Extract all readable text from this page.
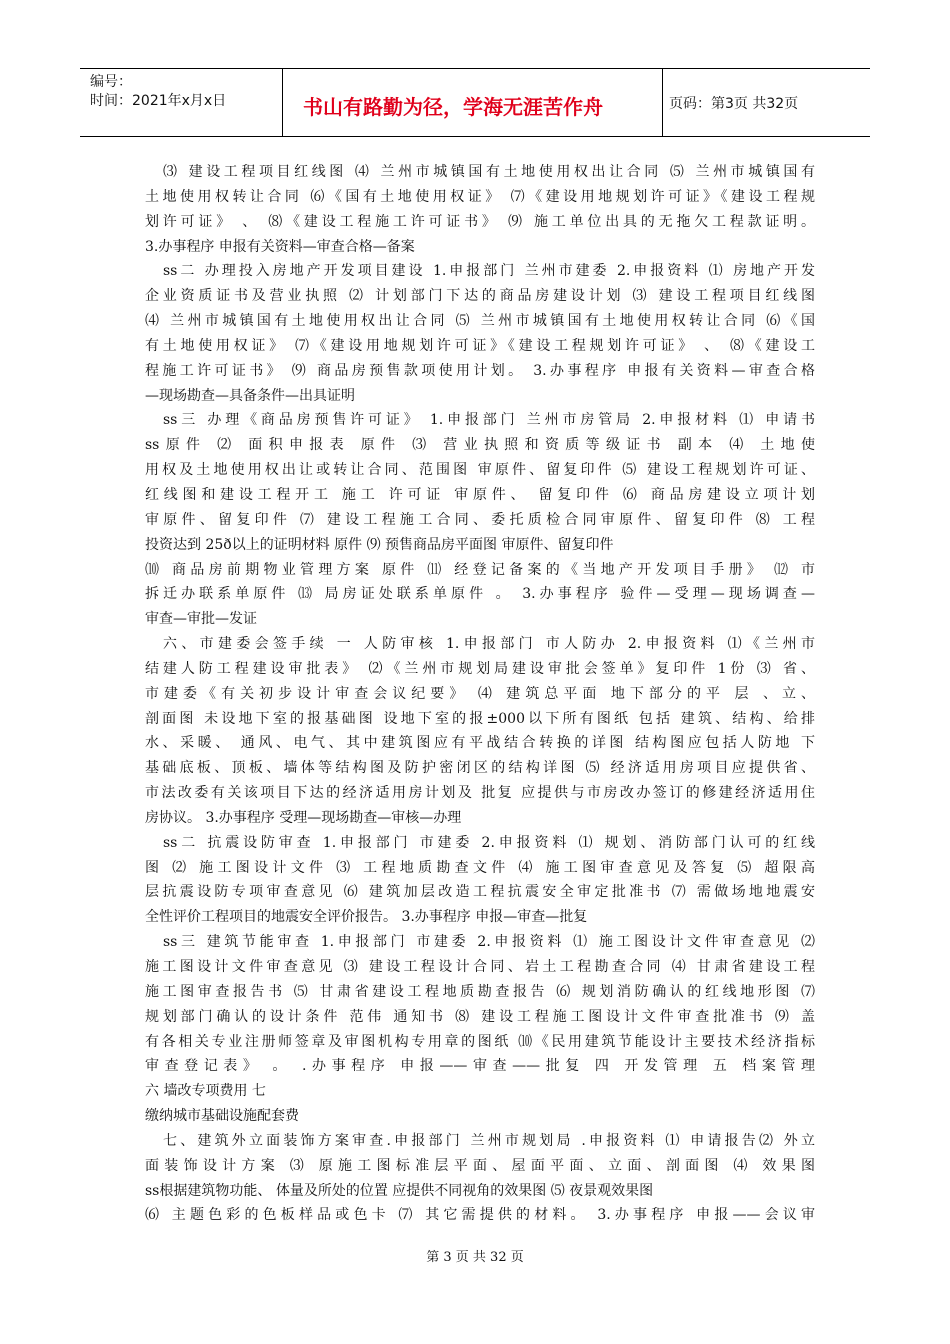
编号：
时间：2021年x月x日	书山有路勤为径，学海无涯苦作舟	页码：第3页 共32页
⑶ 建设工程项目红线图 ⑷ 兰州市城镇国有土地使用权出让合同 ⑸ 兰州市城镇国有
土地使用权转让合同 ⑹《国有土地使用权证》 ⑺《建设用地规划许可证》《建设工程规
划许可证》 、 ⑻《建设工程施工许可证书》 ⑼ 施工单位出具的无拖欠工程款证明。
3.办事程序 申报有关资料—审查合格—备案
ss二 办理投入房地产开发项目建设 1.申报部门 兰州市建委 2.申报资料 ⑴ 房地产开发
企业资质证书及营业执照 ⑵ 计划部门下达的商品房建设计划 ⑶ 建设工程项目红线图
⑷ 兰州市城镇国有土地使用权出让合同 ⑸ 兰州市城镇国有土地使用权转让合同 ⑹《国
有土地使用权证》 ⑺《建设用地规划许可证》《建设工程规划许可证》 、 ⑻《建设工
程施工许可证书》 ⑼ 商品房预售款项使用计划。 3.办事程序 申报有关资料—审查合格
—现场勘查—具备条件—出具证明
ss三 办理《商品房预售许可证》 1.申报部门 兰州市房管局 2.申报材料 ⑴ 申请书
ss原件 ⑵ 面积申报表 原件 ⑶ 营业执照和资质等级证书 副本 ⑷ 土地使
用权及土地使用权出让或转让合同、范围图 审原件、留复印件 ⑸ 建设工程规划许可证、
红线图和建设工程开工 施工 许可证 审原件、 留复印件 ⑹ 商品房建设立项计划
审原件、留复印件 ⑺ 建设工程施工合同、委托质检合同审原件、留复印件 ⑻ 工程
投资达到 25ð以上的证明材料 原件 ⑼ 预售商品房平面图 审原件、留复印件
⑽ 商品房前期物业管理方案 原件 ⑾ 经登记备案的《当地产开发项目手册》 ⑿ 市
拆迁办联系单原件 ⒀ 局房证处联系单原件 。 3.办事程序 验件—受理—现场调查—
审查—审批—发证
六、市建委会签手续 一 人防审核 1.申报部门 市人防办 2.申报资料 ⑴《兰州市
结建人防工程建设审批表》 ⑵《兰州市规划局建设审批会签单》复印件 1份 ⑶ 省、
市建委《有关初步设计审查会议纪要》 ⑷ 建筑总平面 地下部分的平 层 、立、
剖面图 未设地下室的报基础图 设地下室的报±000以下所有图纸 包括 建筑、结构、给排
水、采暖、 通风、电气、其中建筑图应有平战结合转换的详图 结构图应包括人防地 下
基础底板、顶板、墙体等结构图及防护密闭区的结构详图 ⑸ 经济适用房项目应提供省、
市法改委有关该项目下达的经济适用房计划及 批复 应提供与市房改办签订的修建经济适用住
房协议。 3.办事程序 受理—现场勘查—审核—办理
ss二 抗震设防审查 1.申报部门 市建委 2.申报资料 ⑴ 规划、消防部门认可的红线
图 ⑵ 施工图设计文件 ⑶ 工程地质勘查文件 ⑷ 施工图审查意见及答复 ⑸ 超限高
层抗震设防专项审查意见 ⑹ 建筑加层改造工程抗震安全审定批准书 ⑺ 需做场地地震安
全性评价工程项目的地震安全评价报告。 3.办事程序 申报—审查—批复
ss三 建筑节能审查 1.申报部门 市建委 2.申报资料 ⑴ 施工图设计文件审查意见 ⑵
施工图设计文件审查意见 ⑶ 建设工程设计合同、岩土工程勘查合同 ⑷ 甘肃省建设工程
施工图审查报告书 ⑸ 甘肃省建设工程地质勘查报告 ⑹ 规划消防确认的红线地形图 ⑺
规划部门确认的设计条件 范伟 通知书 ⑻ 建设工程施工图设计文件审查批准书 ⑼ 盖
有各相关专业注册师签章及审图机构专用章的图纸 ⑽《民用建筑节能设计主要技术经济指标
审查登记表》 。 .办事程序 申报——审查——批复 四 开发管理 五 档案管理
六 墙改专项费用 七
缴纳城市基础设施配套费
七、建筑外立面装饰方案审查.申报部门 兰州市规划局 .申报资料 ⑴ 申请报告⑵ 外立
面装饰设计方案 ⑶ 原施工图标准层平面、屋面平面、立面、剖面图 ⑷ 效果图
ss根据建筑物功能、 体量及所处的位置 应提供不同视角的效果图 ⑸ 夜景观效果图
⑹ 主题色彩的色板样品或色卡 ⑺ 其它需提供的材料。 3.办事程序 申报——会议审
第 3 页 共 32 页
